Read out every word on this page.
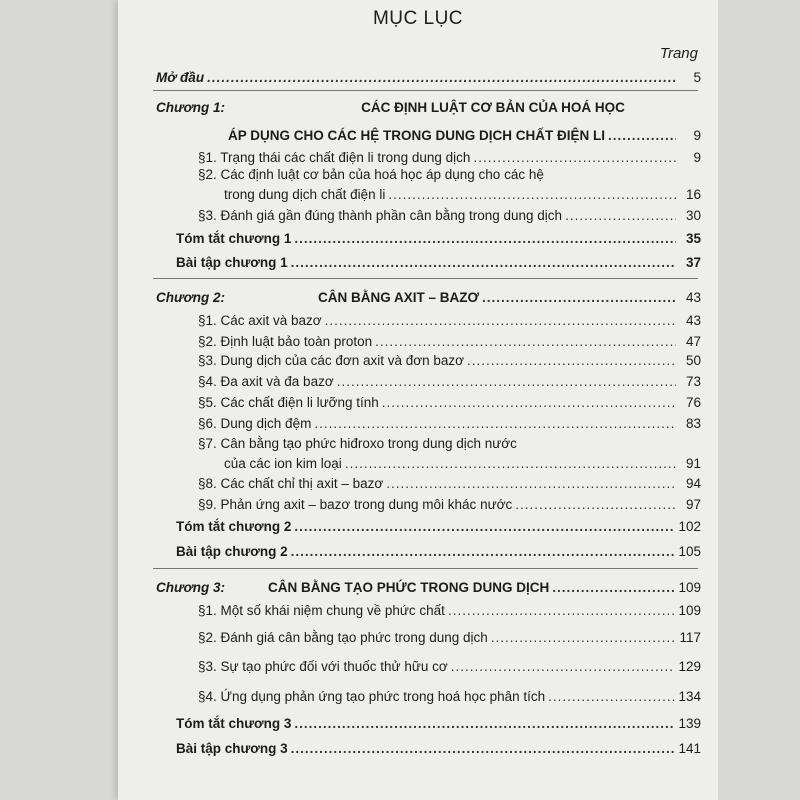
MỤC LỤC
Trang
Mở đầu .....	5
Chương 1:	CÁC ĐỊNH LUẬT CƠ BẢN CỦA HOÁ HỌC
ÁP DỤNG CHO CÁC HỆ TRONG DUNG DỊCH CHẤT ĐIỆN LI .....	9
§1. Trạng thái các chất điện li trong dung dịch .....	9
§2. Các định luật cơ bản của hoá học áp dụng cho các hệ
trong dung dịch chất điện li .....	16
§3. Đánh giá gần đúng thành phần cân bằng trong dung dịch .....	30
Tóm tắt chương 1 .....	35
Bài tập chương 1 .....	37
Chương 2:	CÂN BẰNG AXIT – BAZƠ .....	43
§1. Các axit và bazơ .....	43
§2. Định luật bảo toàn proton .....	47
§3. Dung dịch của các đơn axit và đơn bazơ .....	50
§4. Đa axit và đa bazơ .....	73
§5. Các chất điện li lưỡng tính .....	76
§6. Dung dịch đệm .....	83
§7. Cân bằng tạo phức hiđroxo trong dung dịch nước
của các ion kim loại .....	91
§8. Các chất chỉ thị axit – bazơ .....	94
§9. Phản ứng axit – bazơ trong dung môi khác nước .....	97
Tóm tắt chương 2 .....	102
Bài tập chương 2 .....	105
Chương 3:	CÂN BẰNG TẠO PHỨC TRONG DUNG DỊCH .....	109
§1. Một số khái niệm chung về phức chất .....	109
§2. Đánh giá cân bằng tạo phức trong dung dịch .....	117
§3. Sự tạo phức đối với thuốc thử hữu cơ .....	129
§4. Ứng dụng phản ứng tạo phức trong hoá học phân tích .....	134
Tóm tắt chương 3 .....	139
Bài tập chương 3 .....	141
